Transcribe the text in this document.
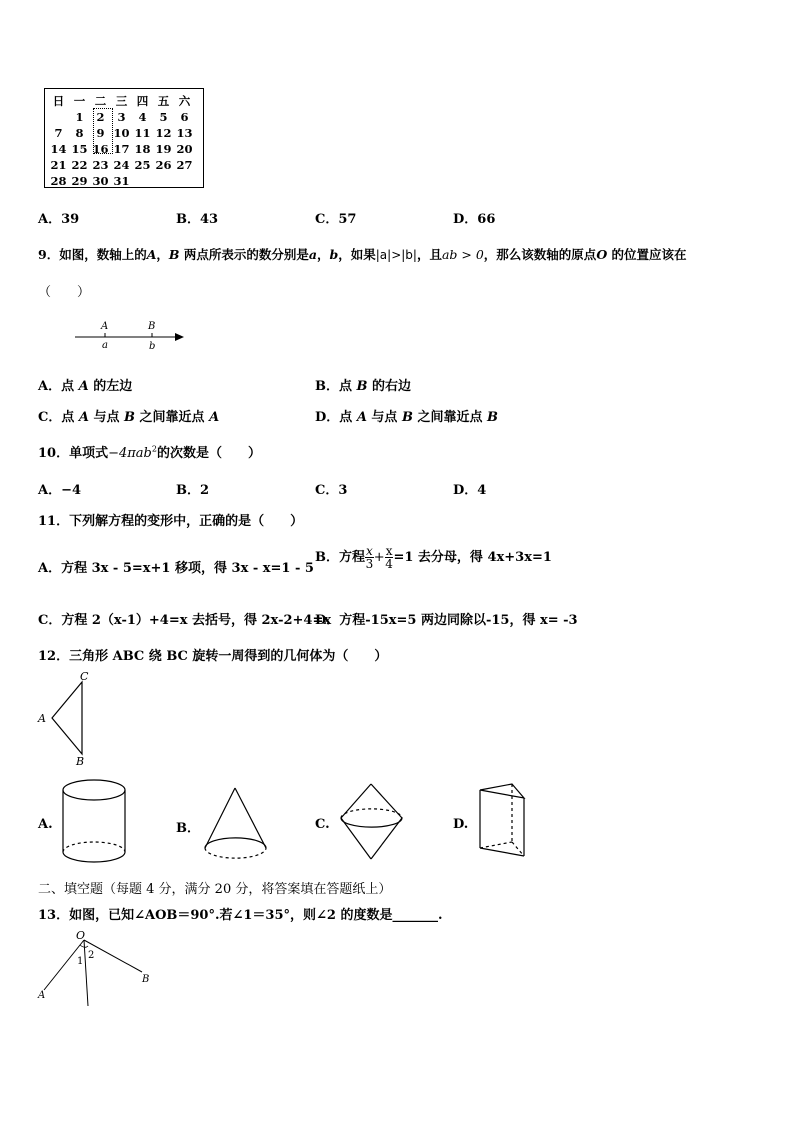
日	一	二	三	四	五	六
	1	2	3	4	5	6
7	8	9	10	11	12	13
14	15	16	17	18	19	20
21	22	23	24	25	26	27
28	29	30	31			
A．39	B．43	C．57	D．66
9．如图，数轴上的A，B 两点所表示的数分别是a，b，如果|a|>|b|，且ab > 0，那么该数轴的原点O 的位置应该在
（　　）
A	B
a	b
A．点 A 的左边	B．点 B 的右边
C．点 A 与点 B 之间靠近点 A	D．点 A 与点 B 之间靠近点 B
10．单项式−4πab$^2$的次数是（　　）
A．−4	B．2	C．3	D．4
11．下列解方程的变形中，正确的是（　　）
A．方程 3x - 5=x+1 移项，得 3x - x=1 - 5
B．方程 $\frac{x}{3} + \frac{x}{4} =1$ 去分母，得 4x+3x=1
C．方程 2（x-1）+4=x 去括号，得 2x-2+4=x
D．方程-15x=5 两边同除以-15，得 x= -3
12．三角形 ABC 绕 BC 旋转一周得到的几何体为（　　）
C
A
B
A.	B．	C.	D.
二、填空题（每题 4 分，满分 20 分，将答案填在答题纸上）
13．如图，已知∠AOB＝90°.若∠1＝35°，则∠2 的度数是_______.
O
A
B
1
2
